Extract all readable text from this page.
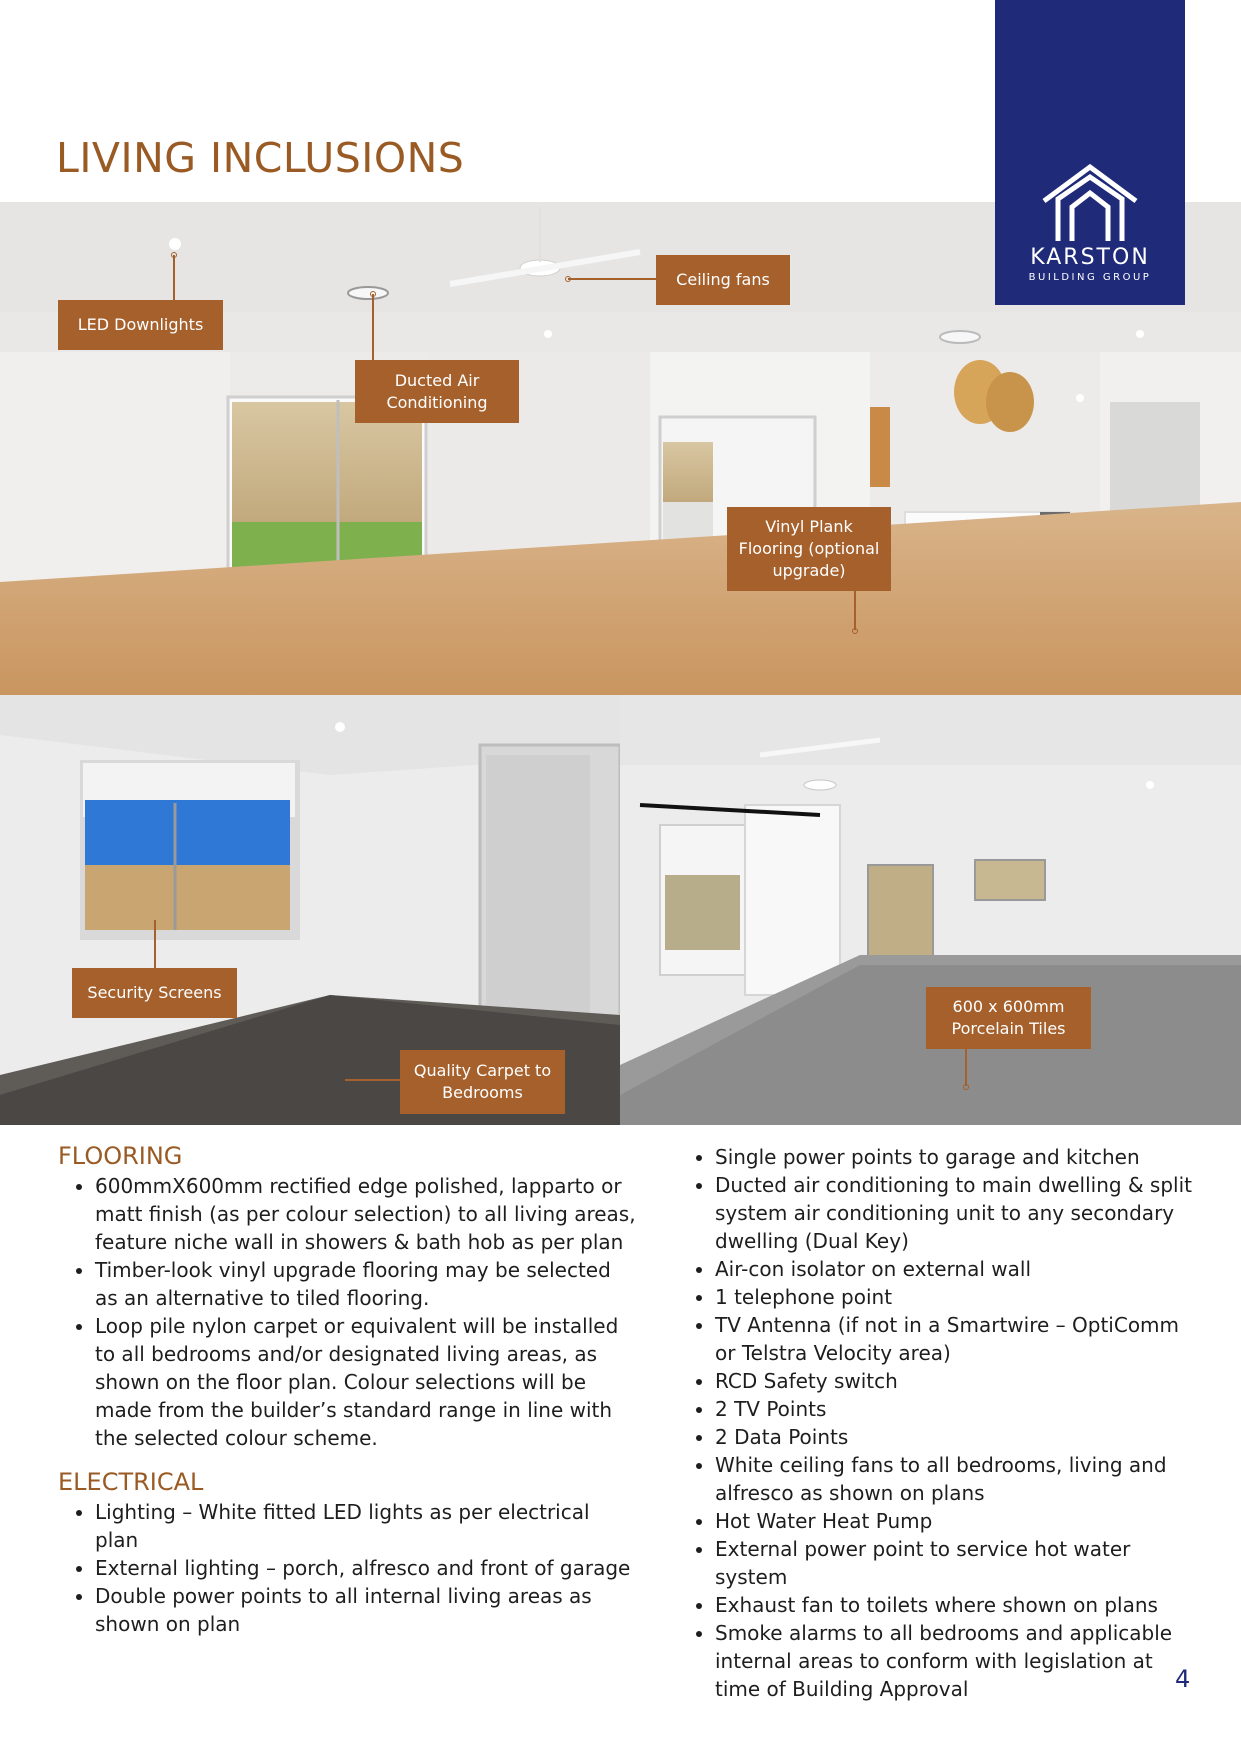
LIVING INCLUSIONS
KARSTON
BUILDING GROUP
LED Downlights
Ducted Air Conditioning
Ceiling fans
Vinyl Plank Flooring (optional upgrade)
Security Screens
Quality Carpet to Bedrooms
600 x 600mm Porcelain Tiles
FLOORING
• 600mmX600mm rectified edge polished, lapparto or matt finish (as per colour selection) to all living areas, feature niche wall in showers & bath hob as per plan
• Timber-look vinyl upgrade flooring may be selected as an alternative to tiled flooring.
• Loop pile nylon carpet or equivalent will be installed to all bedrooms and/or designated living areas, as shown on the floor plan. Colour selections will be made from the builder’s standard range in line with the selected colour scheme.
ELECTRICAL
• Lighting – White fitted LED lights as per electrical plan
• External lighting – porch, alfresco and front of garage
• Double power points to all internal living areas as shown on plan
• Single power points to garage and kitchen
• Ducted air conditioning to main dwelling & split system air conditioning unit to any secondary dwelling (Dual Key)
• Air-con isolator on external wall
• 1 telephone point
• TV Antenna (if not in a Smartwire – OptiComm or Telstra Velocity area)
• RCD Safety switch
• 2 TV Points
• 2 Data Points
• White ceiling fans to all bedrooms, living and alfresco as shown on plans
• Hot Water Heat Pump
• External power point to service hot water system
• Exhaust fan to toilets where shown on plans
• Smoke alarms to all bedrooms and applicable internal areas to conform with legislation at time of Building Approval	4
